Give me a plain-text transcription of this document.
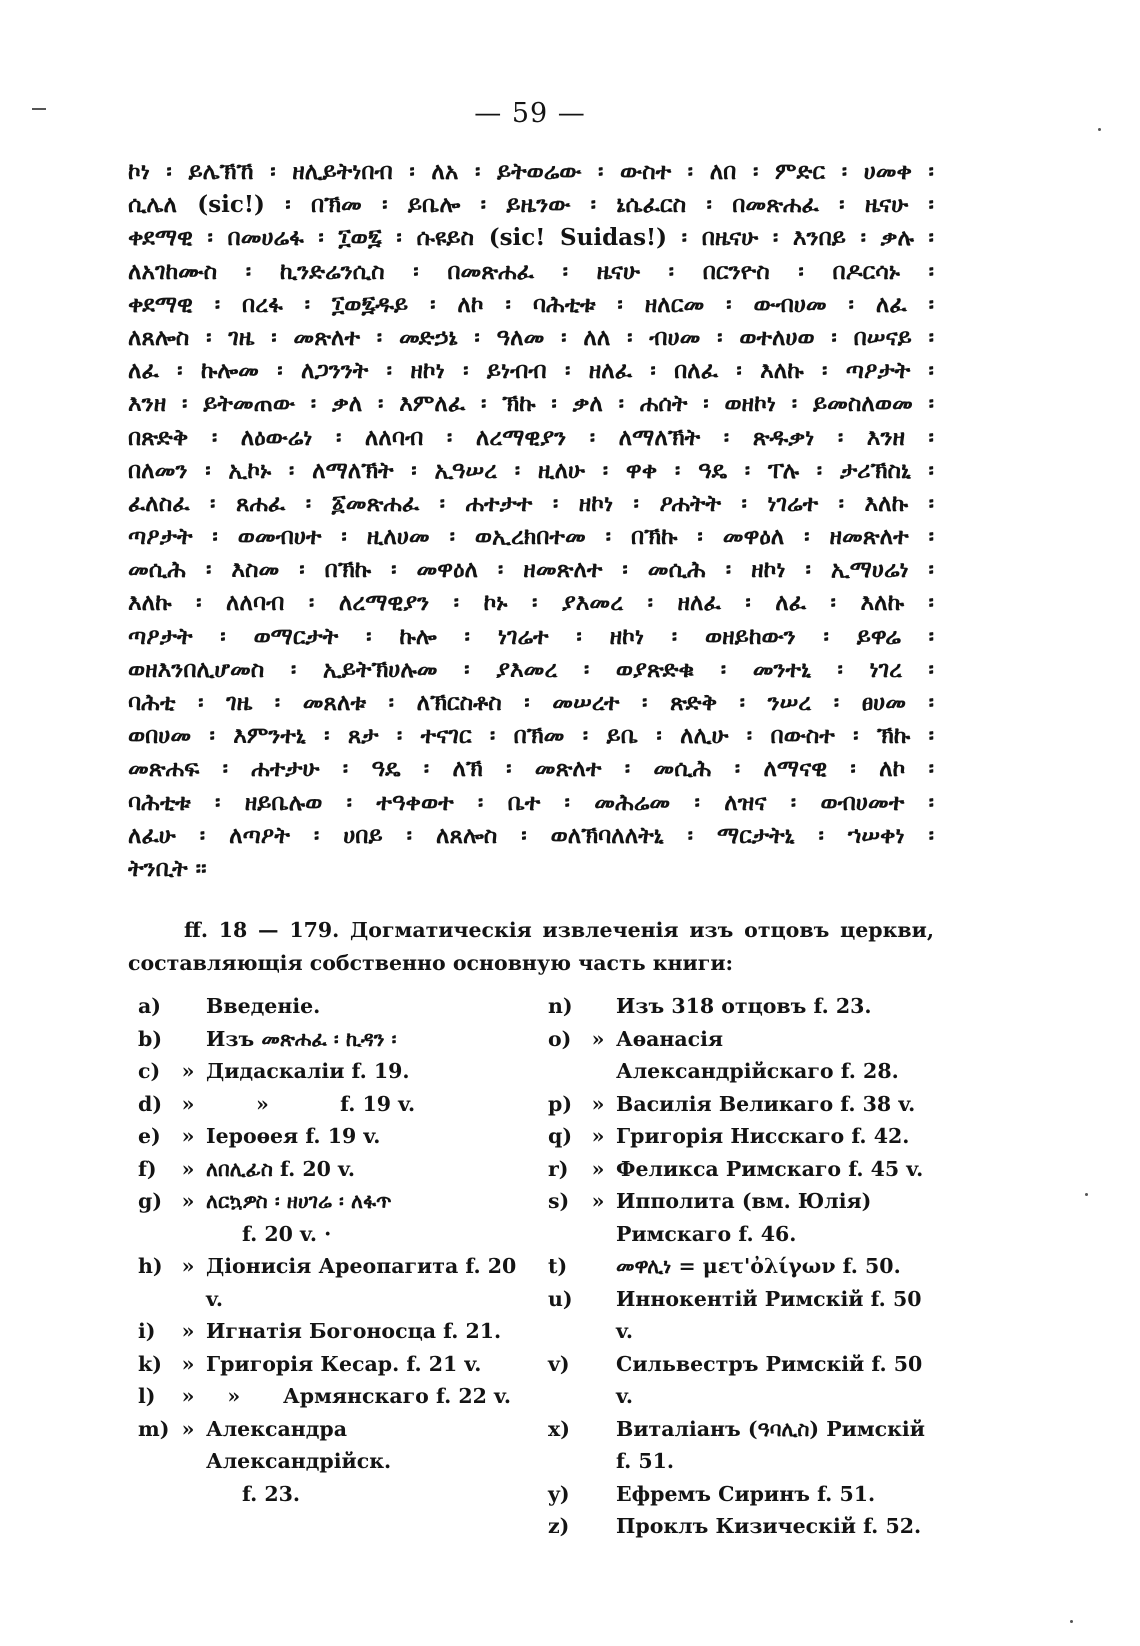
— 59 —
ኮነ ፡ ይሌኽኸ ፡ ዘሊይትነበብ ፡ ለአ ፡ ይትወሬው ፡ ውስተ ፡ ለበ ፡ ምድር ፡ ሀመቀ ፡
ሲሌለ (sic!) ፡ በኽመ ፡ ይቤሎ ፡ ይዜንው ፡ ኔሴፈርስ ፡ በመጽሐፈ ፡ ዜናሁ ፡
ቀደማዊ ፡ በመሀሬፋ ፡ ፲ወ፯ ፡ ሱዩይስ (sic! Suidas!) ፡ በዜናሁ ፡ እንበይ ፡ ቃሉ ፡
ለአገከሙስ ፡ ኪንድሬንሲስ ፡ በመጽሐፈ ፡ ዜናሁ ፡ በርንዮስ ፡ በዶርሳኑ ፡
ቀደማዊ ፡ በረፋ ፡ ፲ወ፯ዱይ ፡ ለኮ ፡ ባሕቲቱ ፡ ዘለርመ ፡ ውብሀመ ፡ ለፈ ፡
ለጸሎስ ፡ ገዜ ፡ መጽለተ ፡ መድኃኔ ፡ ዓለመ ፡ ለለ ፡ ብሀመ ፡ ወተለሀወ ፡ በሠናይ ፡
ለፈ ፡ ኩሎመ ፡ ለጋንንት ፡ ዘኮነ ፡ ይነብብ ፡ ዘለፈ ፡ በለፈ ፡ እለኩ ፡ ጣዖታት ፡
እንዘ ፡ ይትመጠው ፡ ቃለ ፡ እምለፈ ፡ ኽኩ ፡ ቃለ ፡ ሐሰት ፡ ወዘኮነ ፡ ይመስለወመ ፡
በጽድቅ ፡ ለዕውሬነ ፡ ለለባብ ፡ ለረማዊያን ፡ ለማለኽት ፡ ጽዱቃነ ፡ እንዘ ፡
በለመን ፡ ኢኮኑ ፡ ለማለኽት ፡ ኢዓሠረ ፡ ዚለሁ ፡ ዋቀ ፡ ዓዴ ፡ ፐሉ ፡ ታሪኽስኒ ፡
ፈለስፈ ፡ ጸሐፈ ፡ ፩መጽሐፈ ፡ ሐተታተ ፡ ዘኮነ ፡ ዖሐትት ፡ ነገሬተ ፡ እለኩ ፡
ጣዖታት ፡ ወመብሀተ ፡ ዚለሀመ ፡ ወኢረክበተመ ፡ በኽኩ ፡ መዋዕለ ፡ ዘመጽለተ ፡
መሲሕ ፡ እስመ ፡ በኽኩ ፡ መዋዕለ ፡ ዘመጽለተ ፡ መሲሕ ፡ ዘኮነ ፡ ኢማሀሬነ ፡
እለኩ ፡ ለለባብ ፡ ለረማዊያን ፡ ኮኑ ፡ ያእመረ ፡ ዘለፈ ፡ ለፈ ፡ እለኩ ፡
ጣዖታት ፡ ወማርታት ፡ ኩሎ ፡ ነገሬተ ፡ ዘኮነ ፡ ወዘይከውን ፡ ይዋሬ ፡
ወዘእንበሊሆመስ ፡ ኢይትኽሀሉመ ፡ ያእመረ ፡ ወያጽድቁ ፡ መንተኒ ፡ ነገረ ፡
ባሕቲ ፡ ገዜ ፡ መጸለቱ ፡ ለኽርስቶስ ፡ መሠረተ ፡ ጽድቅ ፡ ንሠረ ፡ ፀሀመ ፡
ወበሀመ ፡ እምንተኒ ፡ ጸታ ፡ ተናገር ፡ በኽመ ፡ ይቤ ፡ ለሊሁ ፡ በውስተ ፡ ኽኩ ፡
መጽሐፍ ፡ ሐተታሁ ፡ ዓዴ ፡ ለኽ ፡ መጽለተ ፡ መሲሕ ፡ ለማናዊ ፡ ለኮ ፡
ባሕቲቱ ፡ ዘይቤሉወ ፡ ተዓቀወተ ፡ ቤተ ፡ መሕሬመ ፡ ለዝና ፡ ወብሀመተ ፡
ለፈሁ ፡ ለጣዖት ፡ ሀበይ ፡ ለጸሎስ ፡ ወለኽባለለትኒ ፡ ማርታትኒ ፡ ኀሠቀነ ፡
ትንቢት ፡፡
ff. 18 — 179. Догматическія извлеченія изъ отцовъ церкви, составляющія собственно основную часть книги:
a)	Введеніе.
b)	Изъ መጽሐፈ ፡ ኪዳን ፡
c)	» Дидаскаліи f. 19.
d) » »          f. 19 v.
e)	» Іероѳея f. 19 v.
f)	» ለበሊፊስ f. 20 v.
g) » ለርኳዎስ ፡ ዘሀገሬ ፡ ለፋጥ
f. 20 v. ·
h) » Діонисія Ареопагита f. 20 v.
i)	» Игнатія Богоносца f. 21.
k) » Григорія Кесар. f. 21 v.
l)	» »      Армянскаго f. 22 v.
m) » Александра Александрійск.
f. 23.
n)	Изъ 318 отцовъ f. 23.
o) » Аѳанасія Александрійскаго f. 28.
p) » Василія Великаго f. 38 v.
q) » Григорія Нисскаго f. 42.
r)	» Феликса Римскаго f. 45 v.
s)	» Ипполита (вм. Юлія) Римскаго f. 46.
t)	መዋሊነ = μετ'ὀλίγων f. 50.
u)	Иннокентій Римскій f. 50 v.
v)	Сильвестръ Римскій f. 50 v.
x)	Виталіанъ (ዓባሊስ) Римскій f. 51.
y)	Ефремъ Сиринъ f. 51.
z)	Проклъ Кизическій f. 52.
